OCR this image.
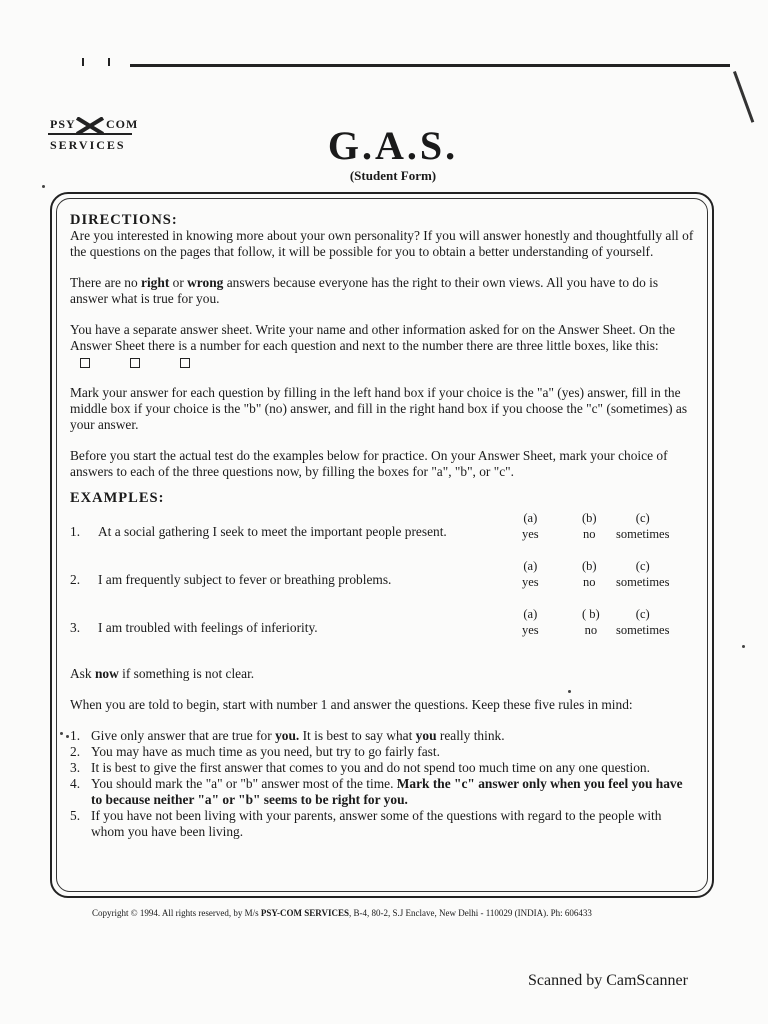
PSY	COM
SERVICES	G.A.S.
(Student Form)

DIRECTIONS:

Are you interested in knowing more about your own personality? If you will answer honestly and thoughtfully all of the questions on the pages that follow, it will be possible for you to obtain a better understanding of yourself.

There are no right or wrong answers because everyone has the right to their own views. All you have to do is answer what is true for you.

You have a separate answer sheet. Write your name and other information asked for on the Answer Sheet. On the Answer Sheet there is a number for each question and next to the number there are three little boxes, like this:

Mark your answer for each question by filling in the left hand box if your choice is the "a" (yes) answer, fill in the middle box if your choice is the "b" (no) answer, and fill in the right hand box if you choose the "c" (sometimes) as your answer.

Before you start the actual test do the examples below for practice. On your Answer Sheet, mark your choice of answers to each of the three questions now, by filling the boxes for "a", "b", or "c".

EXAMPLES:

1. At a social gathering I seek to meet the important people present.
(a)
yes
(b)
no
(c)
sometimes
2. I am frequently subject to fever or breathing problems.
(a)
yes
(b)
no
(c)
sometimes
3. I am troubled with feelings of inferiority.
(a)
yes
( b)
no
(c)
sometimes

Ask now if something is not clear.

When you are told to begin, start with number 1 and answer the questions. Keep these five rules in mind:

1. Give only answer that are true for you. It is best to say what you really think.
2. You may have as much time as you need, but try to go fairly fast.
3. It is best to give the first answer that comes to you and do not spend too much time on any one question.
4. You should mark the "a" or "b" answer most of the time. Mark the "c" answer only when you feel you have to because neither "a" or "b" seems to be right for you.
5. If you have not been living with your parents, answer some of the questions with regard to the people with whom you have been living.
Copyright © 1994. All rights reserved, by M/s PSY-COM SERVICES, B-4, 80-2, S.J Enclave, New Delhi - 110029 (INDIA). Ph: 606433
Scanned by CamScanner
